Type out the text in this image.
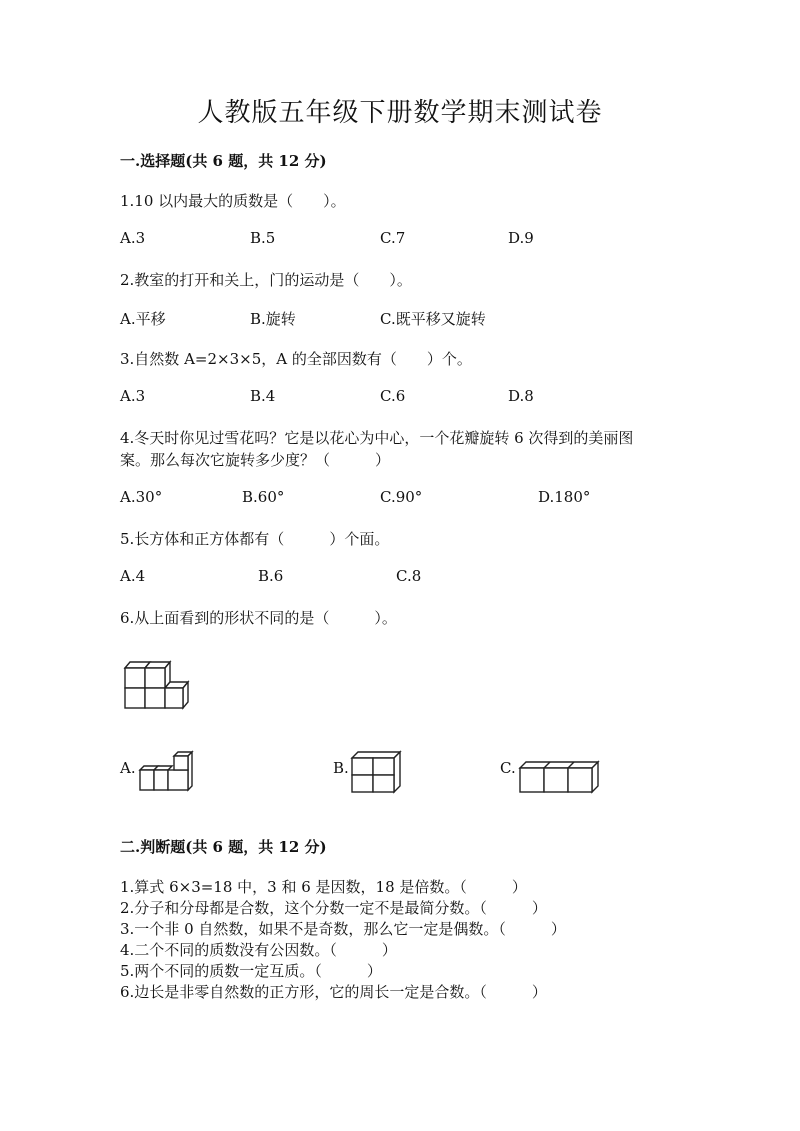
人教版五年级下册数学期末测试卷
一.选择题(共 6 题，共 12 分)
1.10 以内最大的质数是（　　）。
A.3	B.5	C.7	D.9
2.教室的打开和关上，门的运动是（　　）。
A.平移	B.旋转	C.既平移又旋转
3.自然数 A=2×3×5，A 的全部因数有（　　）个。
A.3	B.4	C.6	D.8
4.冬天时你见过雪花吗？它是以花心为中心，一个花瓣旋转 6 次得到的美丽图
案。那么每次它旋转多少度？（　　　）
A.30°	B.60°	C.90°	D.180°
5.长方体和正方体都有（　　　）个面。
A.4	B.6	C.8
6.从上面看到的形状不同的是（　　　）。
A.	B.	C.
二.判断题(共 6 题，共 12 分)
1.算式 6×3=18 中，3 和 6 是因数，18 是倍数。（　　　）
2.分子和分母都是合数，这个分数一定不是最简分数。（　　　）
3.一个非 0 自然数，如果不是奇数，那么它一定是偶数。（　　　）
4.二个不同的质数没有公因数。（　　　）
5.两个不同的质数一定互质。（　　　）
6.边长是非零自然数的正方形，它的周长一定是合数。（　　　）
